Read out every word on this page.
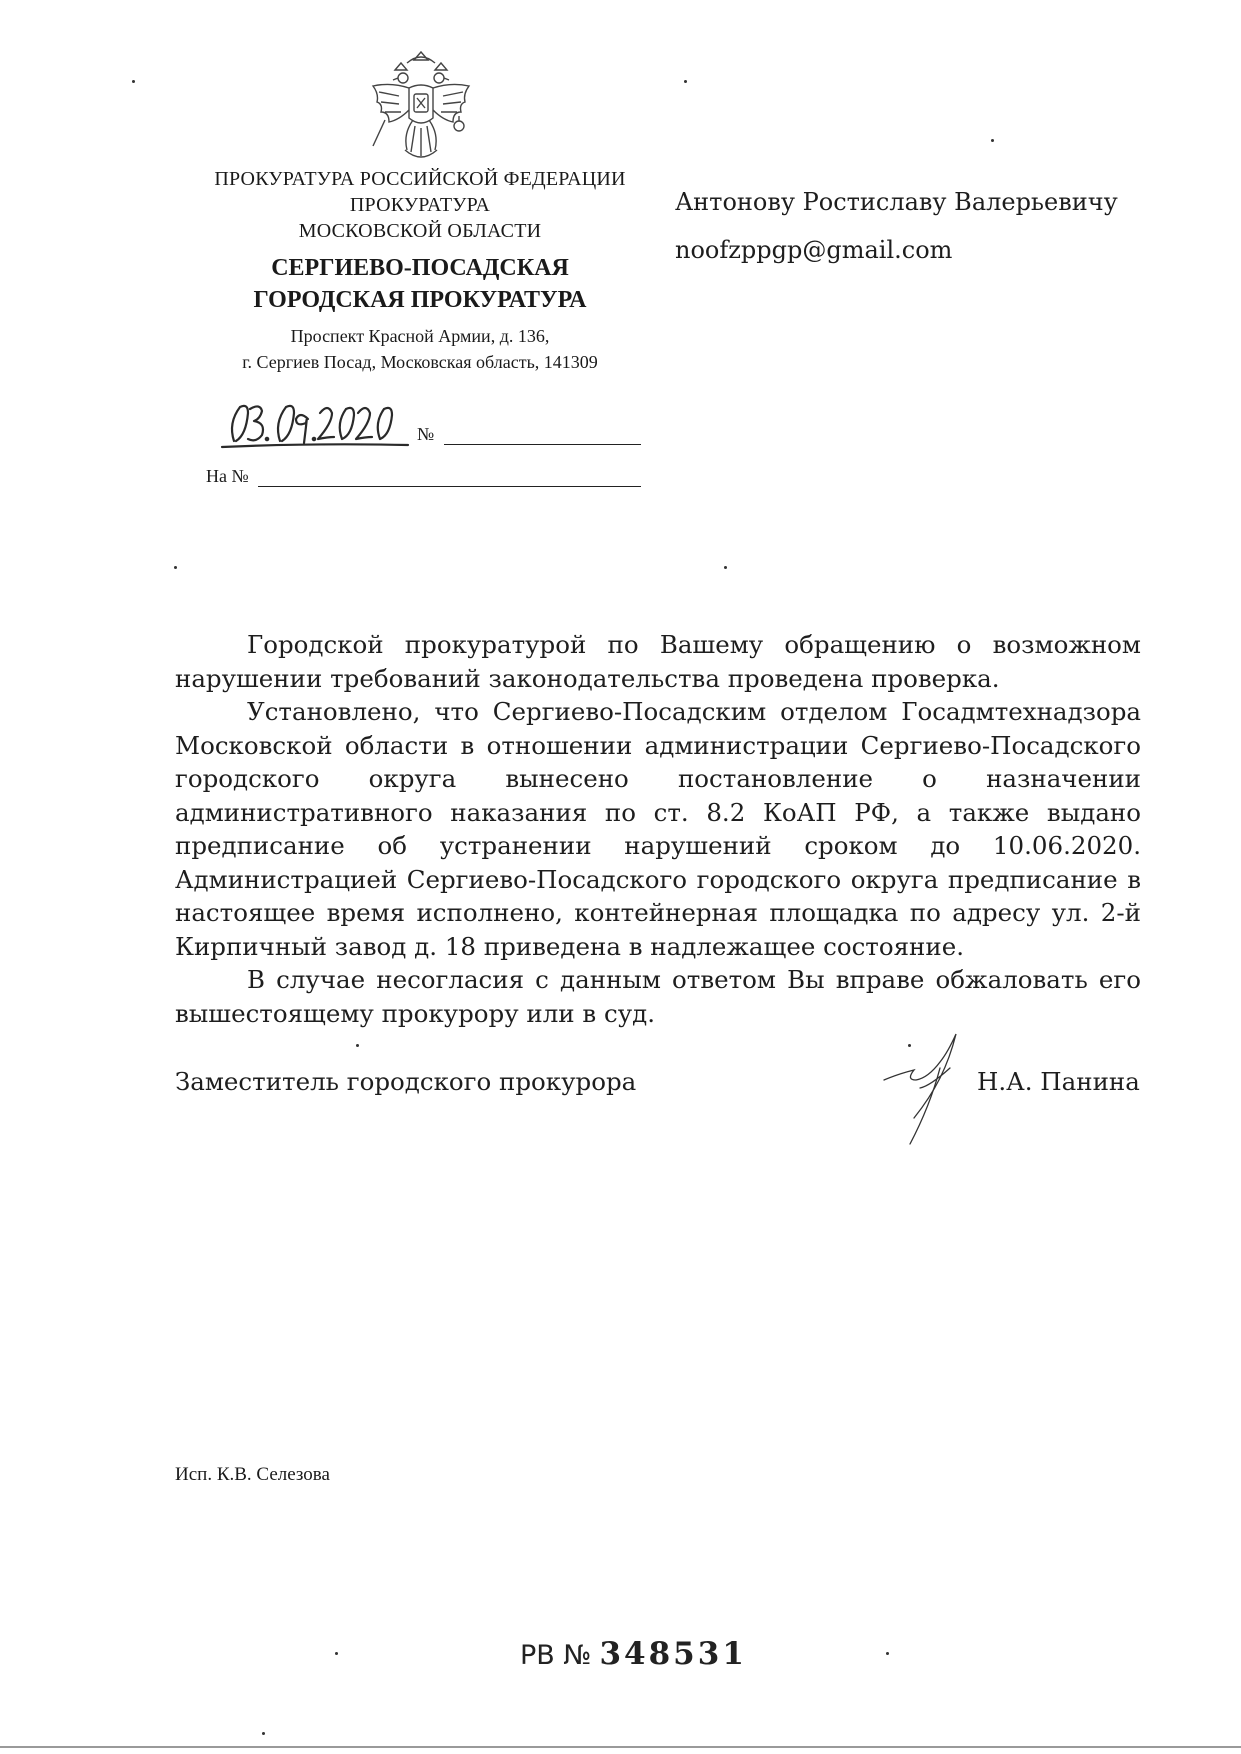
ПРОКУРАТУРА РОССИЙСКОЙ ФЕДЕРАЦИИ
ПРОКУРАТУРА
МОСКОВСКОЙ ОБЛАСТИ
СЕРГИЕВО-ПОСАДСКАЯ
ГОРОДСКАЯ ПРОКУРАТУРА
Проспект Красной Армии, д. 136,
г. Сергиев Посад, Московская область, 141309
№
На №
Антонову Ростиславу Валерьевичу
noofzppgp@gmail.com
Городской прокуратурой по Вашему обращению о возможном нарушении требований законодательства проведена проверка.
Установлено, что Сергиево-Посадским отделом Госадмтехнадзора Московской области в отношении администрации Сергиево-Посадского городского округа вынесено постановление о назначении административного наказания по ст. 8.2 КоАП РФ, а также выдано предписание об устранении нарушений сроком до 10.06.2020. Администрацией Сергиево-Посадского городского округа предписание в настоящее время исполнено, контейнерная площадка по адресу ул. 2-й Кирпичный завод д. 18 приведена в надлежащее состояние.
В случае несогласия с данным ответом Вы вправе обжаловать его вышестоящему прокурору или в суд.
Заместитель городского прокурора	Н.А. Панина
Исп. К.В. Селезова
РВ № 348531
